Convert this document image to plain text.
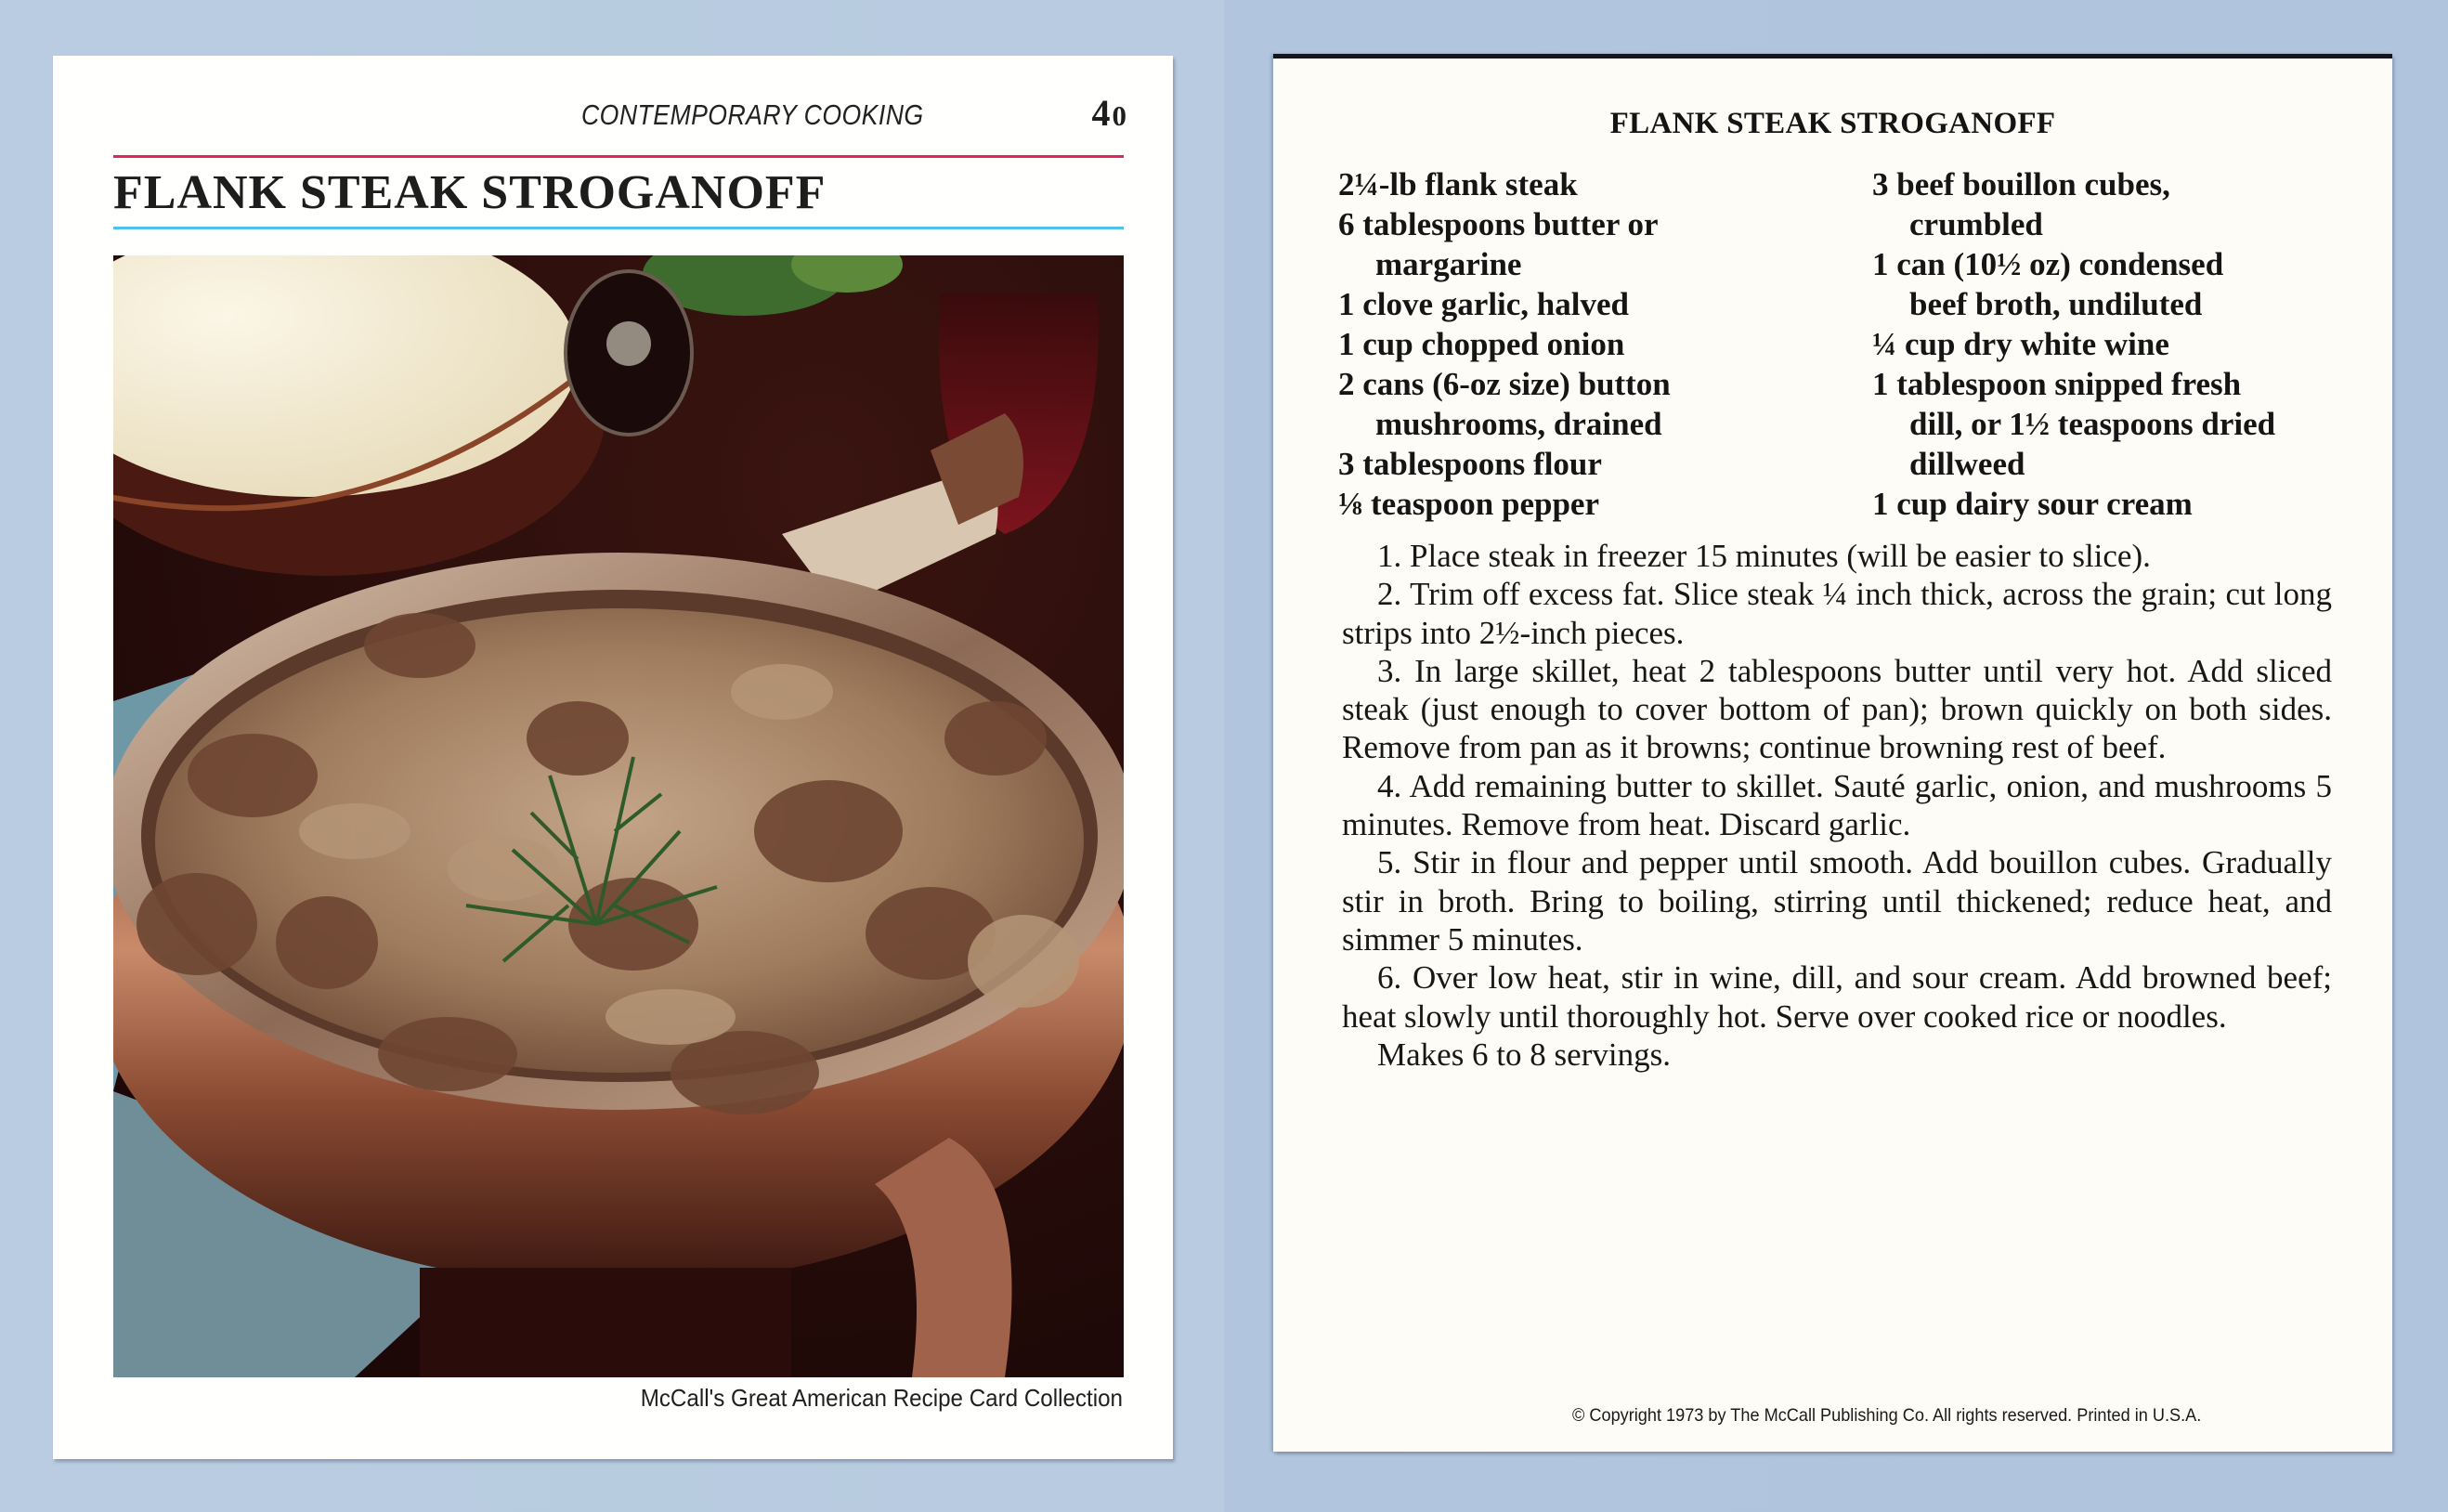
CONTEMPORARY COOKING	40
FLANK STEAK STROGANOFF
McCall's Great American Recipe Card Collection
FLANK STEAK STROGANOFF
2¼-lb flank steak
6 tablespoons butter or
margarine
1 clove garlic, halved
1 cup chopped onion
2 cans (6-oz size) button
mushrooms, drained
3 tablespoons flour
⅛ teaspoon pepper
3 beef bouillon cubes,
crumbled
1 can (10½ oz) condensed
beef broth, undiluted
¼ cup dry white wine
1 tablespoon snipped fresh
dill, or 1½ teaspoons dried
dillweed
1 cup dairy sour cream

1. Place steak in freezer 15 minutes (will be easier to slice).

2. Trim off excess fat. Slice steak ¼ inch thick, across the grain; cut long strips into 2½-inch pieces.

3. In large skillet, heat 2 tablespoons butter until very hot. Add sliced steak (just enough to cover bottom of pan); brown quickly on both sides. Remove from pan as it browns; continue browning rest of beef.

4. Add remaining butter to skillet. Sauté garlic, onion, and mushrooms 5 minutes. Remove from heat. Discard garlic.

5. Stir in flour and pepper until smooth. Add bouillon cubes. Gradually stir in broth. Bring to boiling, stirring until thickened; reduce heat, and simmer 5 minutes.

6. Over low heat, stir in wine, dill, and sour cream. Add browned beef; heat slowly until thoroughly hot. Serve over cooked rice or noodles.

Makes 6 to 8 servings.

© Copyright 1973 by The McCall Publishing Co. All rights reserved. Printed in U.S.A.
